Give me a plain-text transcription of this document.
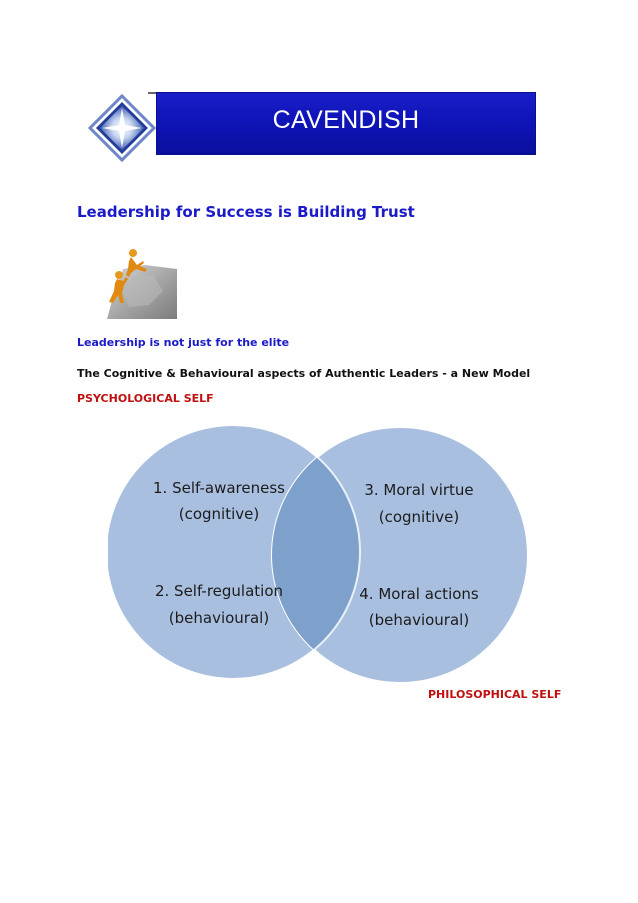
CAVENDISH
Leadership for Success is Building Trust
Leadership is not just for the elite
The Cognitive & Behavioural aspects of Authentic Leaders - a New Model
PSYCHOLOGICAL SELF
1. Self-awareness
(cognitive)
2. Self-regulation
(behavioural)
3. Moral virtue
(cognitive)
4. Moral actions
(behavioural)
PHILOSOPHICAL SELF
